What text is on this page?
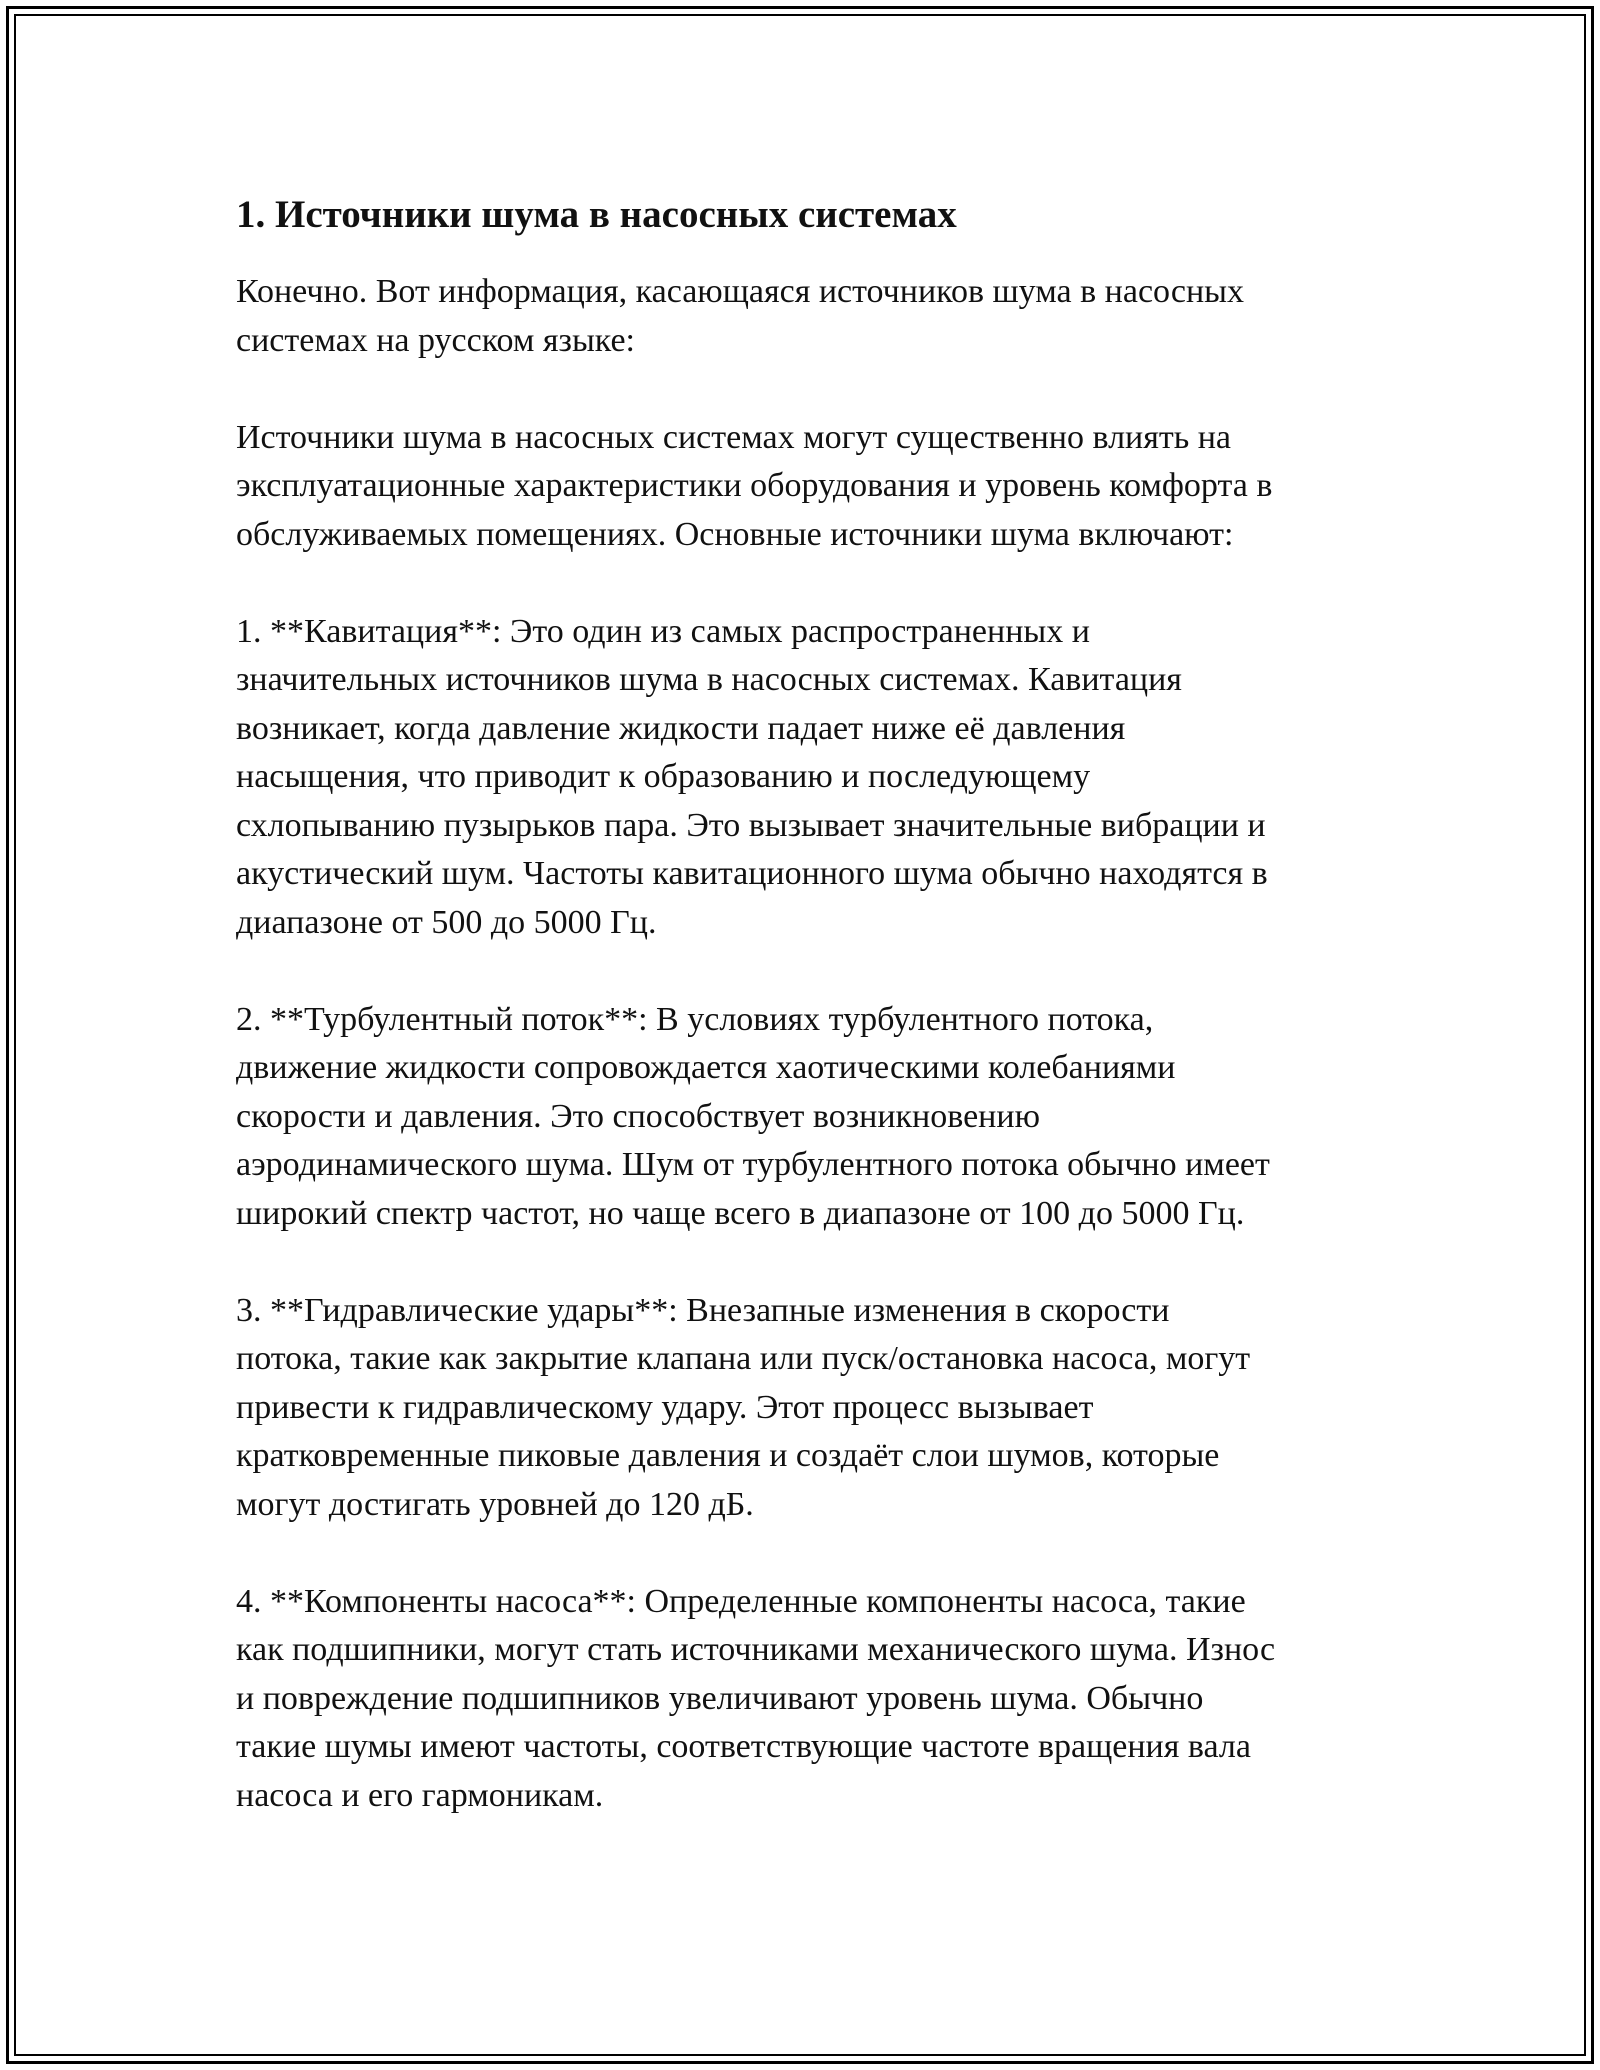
1. Источники шума в насосных системах

Конечно. Вот информация, касающаяся источников шума в насосных
системах на русском языке:

Источники шума в насосных системах могут существенно влиять на
эксплуатационные характеристики оборудования и уровень комфорта в
обслуживаемых помещениях. Основные источники шума включают:

1. **Кавитация**: Это один из самых распространенных и
значительных источников шума в насосных системах. Кавитация
возникает, когда давление жидкости падает ниже её давления
насыщения, что приводит к образованию и последующему
схлопыванию пузырьков пара. Это вызывает значительные вибрации и
акустический шум. Частоты кавитационного шума обычно находятся в
диапазоне от 500 до 5000 Гц.

2. **Турбулентный поток**: В условиях турбулентного потока,
движение жидкости сопровождается хаотическими колебаниями
скорости и давления. Это способствует возникновению
аэродинамического шума. Шум от турбулентного потока обычно имеет
широкий спектр частот, но чаще всего в диапазоне от 100 до 5000 Гц.

3. **Гидравлические удары**: Внезапные изменения в скорости
потока, такие как закрытие клапана или пуск/остановка насоса, могут
привести к гидравлическому удару. Этот процесс вызывает
кратковременные пиковые давления и создаёт слои шумов, которые
могут достигать уровней до 120 дБ.

4. **Компоненты насоса**: Определенные компоненты насоса, такие
как подшипники, могут стать источниками механического шума. Износ
и повреждение подшипников увеличивают уровень шума. Обычно
такие шумы имеют частоты, соответствующие частоте вращения вала
насоса и его гармоникам.
